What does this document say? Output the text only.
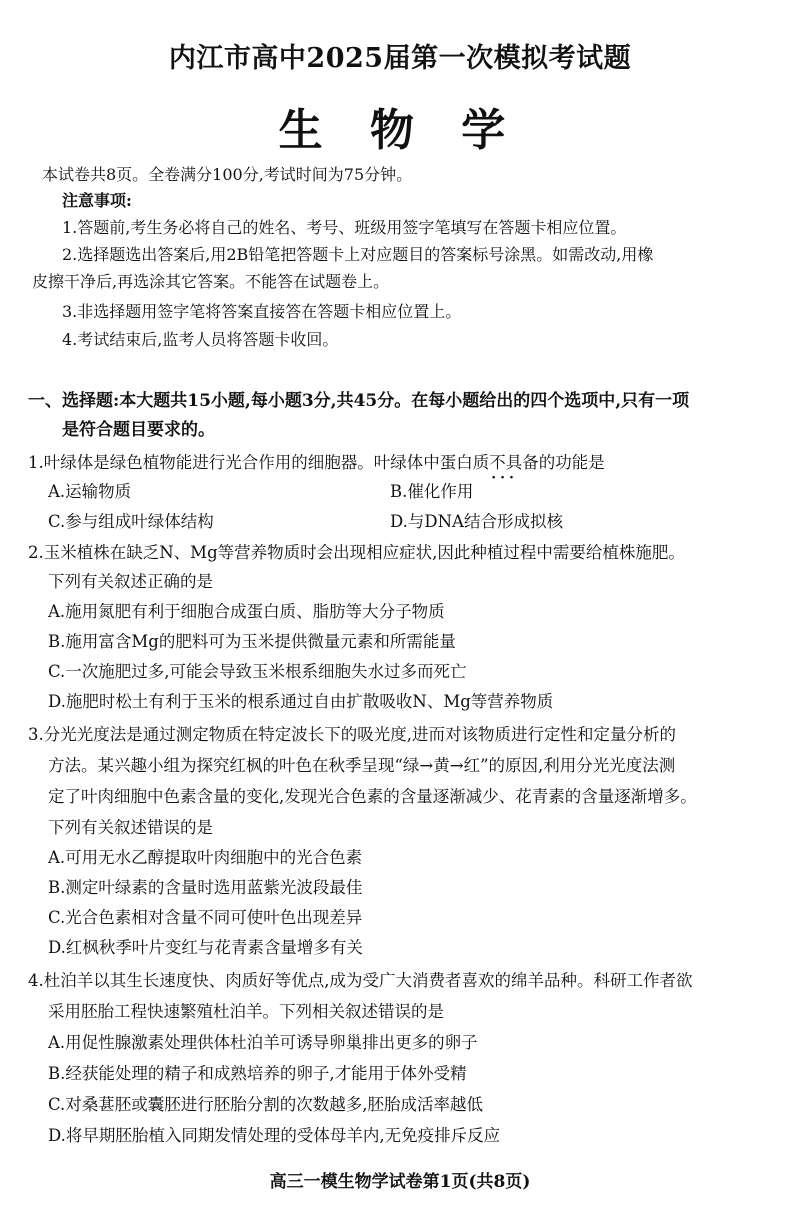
内江市高中2025届第一次模拟考试题
生 物 学
本试卷共8页。全卷满分100分,考试时间为75分钟。
注意事项:
1.答题前,考生务必将自己的姓名、考号、班级用签字笔填写在答题卡相应位置。
2.选择题选出答案后,用2B铅笔把答题卡上对应题目的答案标号涂黑。如需改动,用橡
皮擦干净后,再选涂其它答案。不能答在试题卷上。
3.非选择题用签字笔将答案直接答在答题卡相应位置上。
4.考试结束后,监考人员将答题卡收回。
一、选择题:本大题共15小题,每小题3分,共45分。在每小题给出的四个选项中,只有一项
是符合题目要求的。
1.叶绿体是绿色植物能进行光合作用的细胞器。叶绿体中蛋白质不具备 ···的功能是
A.运输物质	B.催化作用
C.参与组成叶绿体结构	D.与DNA结合形成拟核
2.玉米植株在缺乏N、Mg等营养物质时会出现相应症状,因此种植过程中需要给植株施肥。
下列有关叙述正确的是
A.施用氮肥有利于细胞合成蛋白质、脂肪等大分子物质
B.施用富含Mg的肥料可为玉米提供微量元素和所需能量
C.一次施肥过多,可能会导致玉米根系细胞失水过多而死亡
D.施肥时松土有利于玉米的根系通过自由扩散吸收N、Mg等营养物质
3.分光光度法是通过测定物质在特定波长下的吸光度,进而对该物质进行定性和定量分析的
方法。某兴趣小组为探究红枫的叶色在秋季呈现“绿→黄→红”的原因,利用分光光度法测
定了叶肉细胞中色素含量的变化,发现光合色素的含量逐渐减少、花青素的含量逐渐增多。
下列有关叙述错误的是
A.可用无水乙醇提取叶肉细胞中的光合色素
B.测定叶绿素的含量时选用蓝紫光波段最佳
C.光合色素相对含量不同可使叶色出现差异
D.红枫秋季叶片变红与花青素含量增多有关
4.杜泊羊以其生长速度快、肉质好等优点,成为受广大消费者喜欢的绵羊品种。科研工作者欲
采用胚胎工程快速繁殖杜泊羊。下列相关叙述错误的是
A.用促性腺激素处理供体杜泊羊可诱导卵巢排出更多的卵子
B.经获能处理的精子和成熟培养的卵子,才能用于体外受精
C.对桑葚胚或囊胚进行胚胎分割的次数越多,胚胎成活率越低
D.将早期胚胎植入同期发情处理的受体母羊内,无免疫排斥反应
高三一模生物学试卷第1页(共8页)
